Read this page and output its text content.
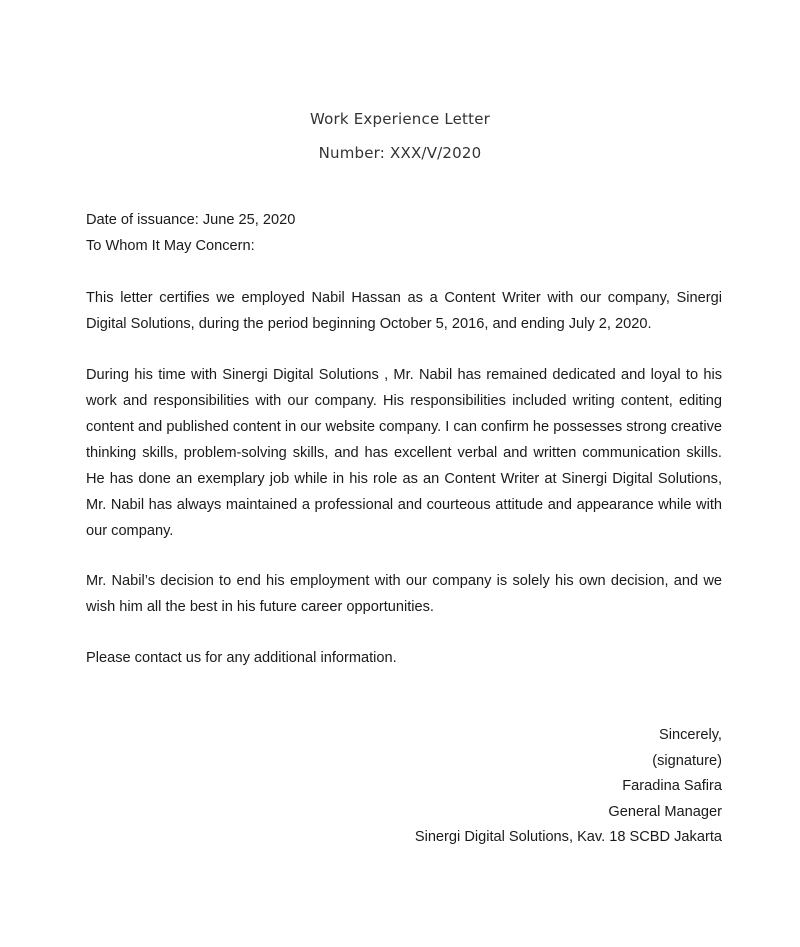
Work Experience Letter
Number: XXX/V/2020
Date of issuance: June 25, 2020
To Whom It May Concern:
This letter certifies we employed Nabil Hassan as a Content Writer with our company, Sinergi Digital Solutions, during the period beginning October 5, 2016, and ending July 2, 2020.
During his time with Sinergi Digital Solutions , Mr. Nabil has remained dedicated and loyal to his work and responsibilities with our company. His responsibilities included writing content, editing content and published content in our website company. I can confirm he possesses strong creative thinking skills, problem-solving skills, and has excellent verbal and written communication skills. He has done an exemplary job while in his role as an Content Writer at Sinergi Digital Solutions, Mr. Nabil has always maintained a professional and courteous attitude and appearance while with our company.
Mr. Nabil’s decision to end his employment with our company is solely his own decision, and we wish him all the best in his future career opportunities.
Please contact us for any additional information.
Sincerely,
(signature)
Faradina Safira
General Manager
Sinergi Digital Solutions, Kav. 18 SCBD Jakarta
